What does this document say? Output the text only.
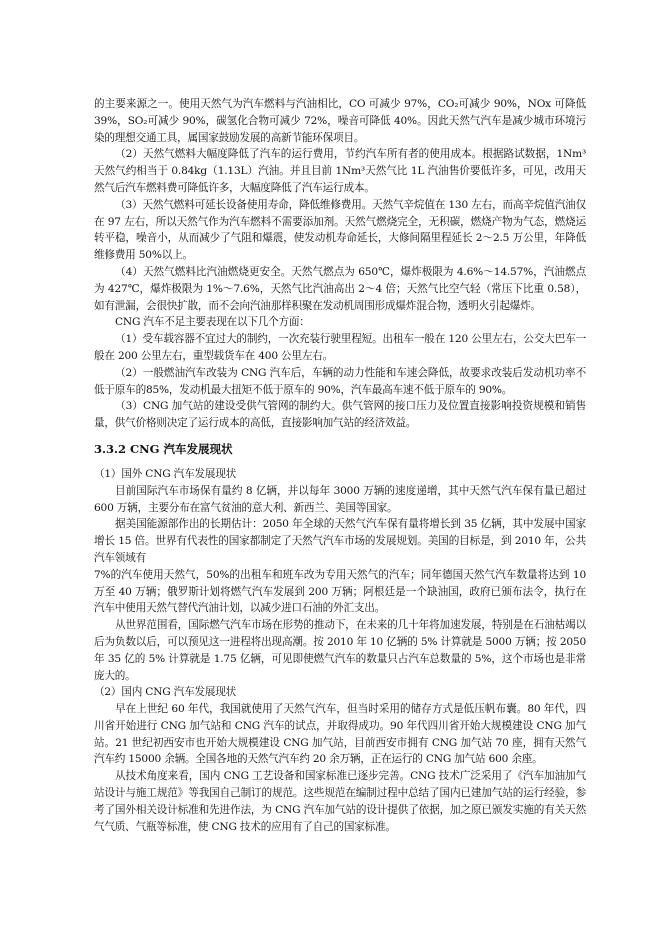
的主要来源之一。使用天然气为汽车燃料与汽油相比，CO 可减少 97%，CO₂可减少 90%，NOx 可降低 39%，SO₂可减少 90%，碳氢化合物可减少 72%，噪音可降低 40%。因此天然气汽车是减少城市环境污染的理想交通工具，属国家鼓励发展的高新节能环保项目。

（2）天然气燃料大幅度降低了汽车的运行费用，节约汽车所有者的使用成本。根据路试数据，1Nm³天然气约相当于 0.84kg（1.13L）汽油。并且目前 1Nm³天然气比 1L 汽油售价要低许多，可见，改用天然气后汽车燃料费可降低许多，大幅度降低了汽车运行成本。

（3）天然气燃料可延长设备使用寿命，降低维修费用。天然气辛烷值在 130 左右，而高辛烷值汽油仅在 97 左右，所以天然气作为汽车燃料不需要添加剂。天然气燃烧完全，无积碳，燃烧产物为气态，燃烧运转平稳，噪音小，从而减少了气阻和爆震，使发动机寿命延长，大修间隔里程延长 2～2.5 万公里，年降低维修费用 50%以上。

（4）天然气燃料比汽油燃烧更安全。天然气燃点为 650℃，爆炸极限为 4.6%～14.57%，汽油燃点为 427℃，爆炸极限为 1%～7.6%，天然气比汽油高出 2～4 倍；天然气比空气轻（常压下比重 0.58），如有泄漏，会很快扩散，而不会向汽油那样积聚在发动机周围形成爆炸混合物，透明火引起爆炸。

CNG 汽车不足主要表现在以下几个方面：

（1）受车载容器不宜过大的制约，一次充装行驶里程短。出租车一般在 120 公里左右，公交大巴车一般在 200 公里左右，重型载货车在 400 公里左右。

（2）一般燃油汽车改装为 CNG 汽车后，车辆的动力性能和车速会降低，故要求改装后发动机功率不低于原车的85%，发动机最大扭矩不低于原车的 90%，汽车最高车速不低于原车的 90%。

（3）CNG 加气站的建设受供气管网的制约大。供气管网的接口压力及位置直接影响投资规模和销售量，供气价格则决定了运行成本的高低，直接影响加气站的经济效益。

3.3.2 CNG 汽车发展现状

（1）国外 CNG 汽车发展现状

目前国际汽车市场保有量约 8 亿辆，并以每年 3000 万辆的速度递增，其中天然气汽车保有量已超过 600 万辆，主要分布在富气贫油的意大利、新西兰、美国等国家。

据美国能源部作出的长期估计：2050 年全球的天然气汽车保有量将增长到 35 亿辆，其中发展中国家增长 15 倍。世界有代表性的国家都制定了天然气汽车市场的发展规划。美国的目标是，到 2010 年，公共汽车领域有

7%的汽车使用天然气，50%的出租车和班车改为专用天然气的汽车；同年德国天然气汽车数量将达到 10 万至 40 万辆；俄罗斯计划将燃气汽车发展到 200 万辆；阿根廷是一个缺油国，政府已颁布法令，执行在汽车中使用天然气替代汽油计划，以减少进口石油的外汇支出。

从世界范围看，国际燃气汽车市场在形势的推动下，在未来的几十年将加速发展，特别是在石油枯竭以后为负数以后，可以预见这一进程将出现高潮。按 2010 年 10 亿辆的 5% 计算就是 5000 万辆；按 2050 年 35 亿的 5% 计算就是 1.75 亿辆，可见即使燃气汽车的数量只占汽车总数量的 5%，这个市场也是非常庞大的。

（2）国内 CNG 汽车发展现状

早在上世纪 60 年代，我国就使用了天然气汽车，但当时采用的储存方式是低压帆布囊。80 年代，四川省开始进行 CNG 加气站和 CNG 汽车的试点，并取得成功。90 年代四川省开始大规模建设 CNG 加气站。21 世纪初西安市也开始大规模建设 CNG 加气站，目前西安市拥有 CNG 加气站 70 座，拥有天然气汽车约 15000 余辆。全国各地的天然气汽车约 20 余万辆，正在运行的 CNG 加气站 600 余座。

从技术角度来看，国内 CNG 工艺设备和国家标准已逐步完善。CNG 技术广泛采用了《汽车加油加气站设计与施工规范》等我国自己制订的规范。这些规范在编制过程中总结了国内已建加气站的运行经验，参考了国外相关设计标准和先进作法，为 CNG 汽车加气站的设计提供了依据，加之原已颁发实施的有关天然气气质、气瓶等标准，使 CNG 技术的应用有了自己的国家标准。
